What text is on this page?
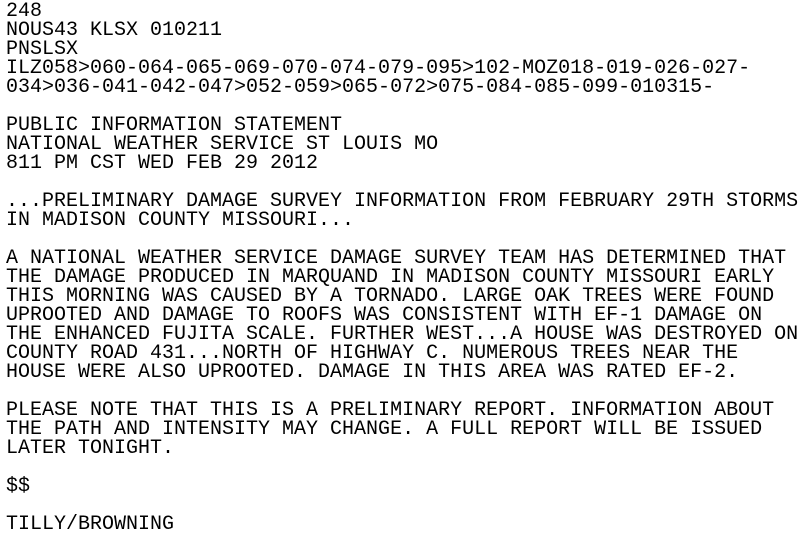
248
NOUS43 KLSX 010211
PNSLSX
ILZ058>060-064-065-069-070-074-079-095>102-MOZ018-019-026-027-
034>036-041-042-047>052-059>065-072>075-084-085-099-010315-
PUBLIC INFORMATION STATEMENT
NATIONAL WEATHER SERVICE ST LOUIS MO
811 PM CST WED FEB 29 2012
...PRELIMINARY DAMAGE SURVEY INFORMATION FROM FEBRUARY 29TH STORMS
IN MADISON COUNTY MISSOURI...
A NATIONAL WEATHER SERVICE DAMAGE SURVEY TEAM HAS DETERMINED THAT
THE DAMAGE PRODUCED IN MARQUAND IN MADISON COUNTY MISSOURI EARLY
THIS MORNING WAS CAUSED BY A TORNADO. LARGE OAK TREES WERE FOUND
UPROOTED AND DAMAGE TO ROOFS WAS CONSISTENT WITH EF-1 DAMAGE ON
THE ENHANCED FUJITA SCALE. FURTHER WEST...A HOUSE WAS DESTROYED ON
COUNTY ROAD 431...NORTH OF HIGHWAY C. NUMEROUS TREES NEAR THE
HOUSE WERE ALSO UPROOTED. DAMAGE IN THIS AREA WAS RATED EF-2.
PLEASE NOTE THAT THIS IS A PRELIMINARY REPORT. INFORMATION ABOUT
THE PATH AND INTENSITY MAY CHANGE. A FULL REPORT WILL BE ISSUED
LATER TONIGHT.
$$
TILLY/BROWNING
